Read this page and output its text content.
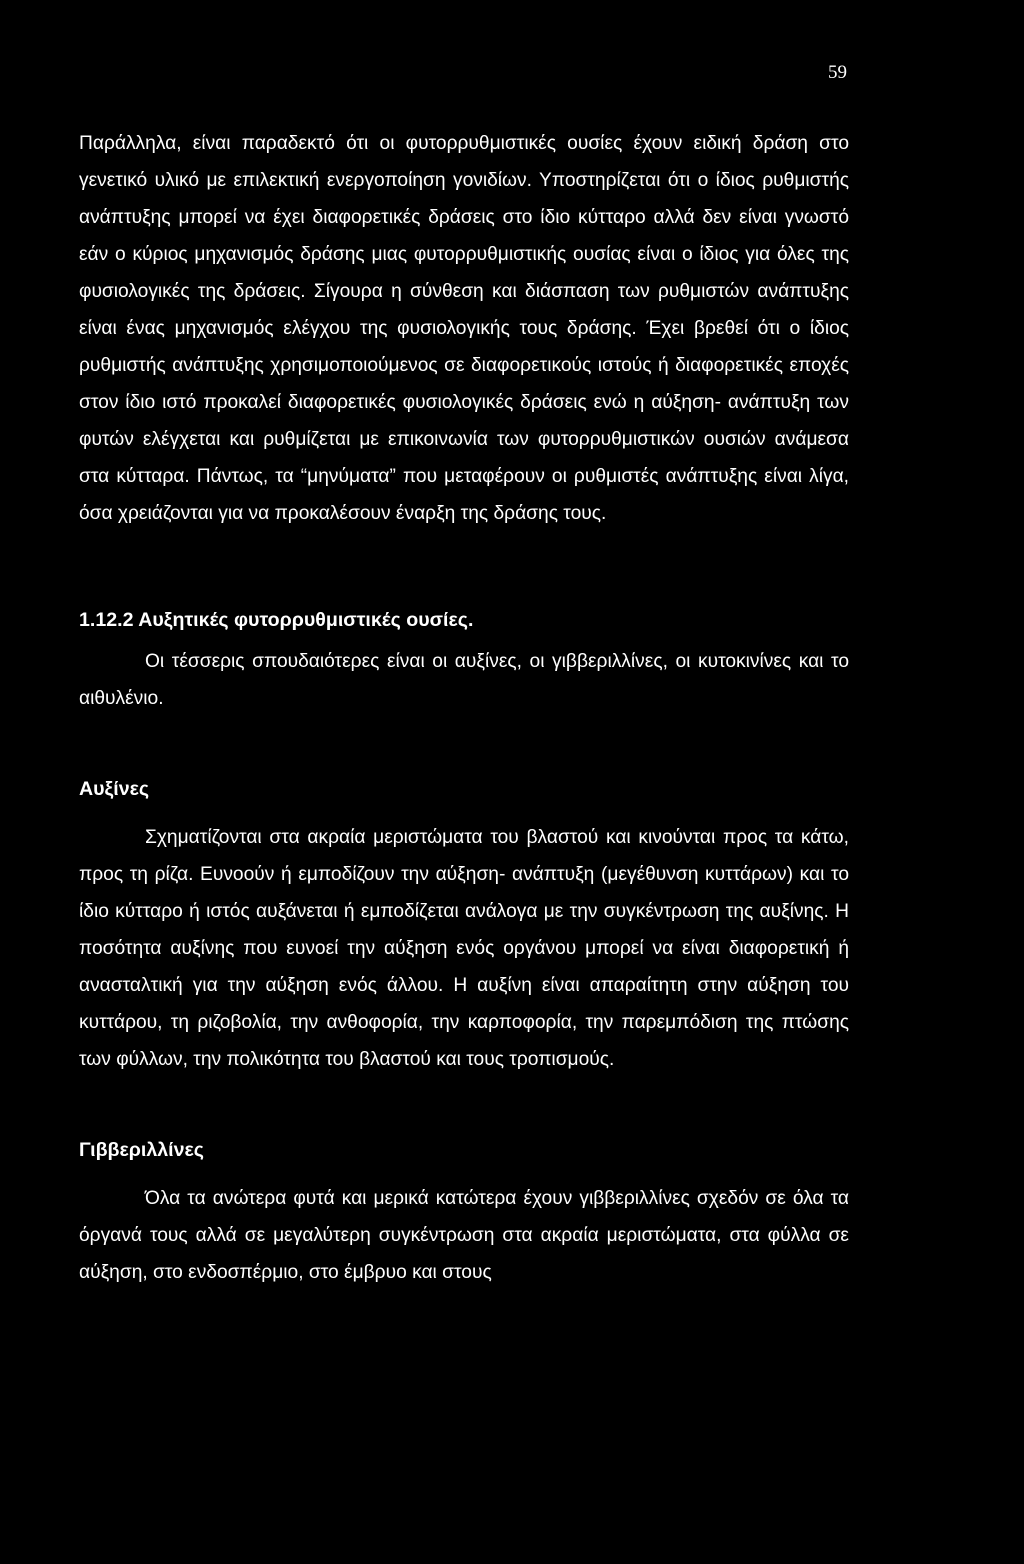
59

Παράλληλα, είναι παραδεκτό ότι οι φυτορρυθμιστικές ουσίες έχουν ειδική δράση στο γενετικό υλικό με επιλεκτική ενεργοποίηση γονιδίων. Υποστηρίζεται ότι ο ίδιος ρυθμιστής ανάπτυξης μπορεί να έχει διαφορετικές δράσεις στο ίδιο κύτταρο αλλά δεν είναι γνωστό εάν ο κύριος μηχανισμός δράσης μιας φυτορρυθμιστικής ουσίας είναι ο ίδιος για όλες της φυσιολογικές της δράσεις. Σίγουρα η σύνθεση και διάσπαση των ρυθμιστών ανάπτυξης είναι ένας μηχανισμός ελέγχου της φυσιολογικής τους δράσης. Έχει βρεθεί ότι ο ίδιος ρυθμιστής ανάπτυξης χρησιμοποιούμενος σε διαφορετικούς ιστούς ή διαφορετικές εποχές στον ίδιο ιστό προκαλεί διαφορετικές φυσιολογικές δράσεις ενώ η αύξηση- ανάπτυξη των φυτών ελέγχεται και ρυθμίζεται με επικοινωνία των φυτορρυθμιστικών ουσιών ανάμεσα στα κύτταρα. Πάντως, τα “μηνύματα” που μεταφέρουν οι ρυθμιστές ανάπτυξης είναι λίγα, όσα χρειάζονται για να προκαλέσουν έναρξη της δράσης τους.

1.12.2 Αυξητικές φυτορρυθμιστικές ουσίες.

Οι τέσσερις σπουδαιότερες είναι οι αυξίνες, οι γιββεριλλίνες, οι κυτοκινίνες και το αιθυλένιο.

Αυξίνες

Σχηματίζονται στα ακραία μεριστώματα του βλαστού και κινούνται προς τα κάτω, προς τη ρίζα. Ευνοούν ή εμποδίζουν την αύξηση- ανάπτυξη (μεγέθυνση κυττάρων) και το ίδιο κύτταρο ή ιστός αυξάνεται ή εμποδίζεται ανάλογα με την συγκέντρωση της αυξίνης. Η ποσότητα αυξίνης που ευνοεί την αύξηση ενός οργάνου μπορεί να είναι διαφορετική ή ανασταλτική για την αύξηση ενός άλλου. Η αυξίνη είναι απαραίτητη στην αύξηση του κυττάρου, τη ριζοβολία, την ανθοφορία, την καρποφορία, την παρεμπόδιση της πτώσης των φύλλων, την πολικότητα του βλαστού και τους τροπισμούς.

Γιββεριλλίνες

Όλα τα ανώτερα φυτά και μερικά κατώτερα έχουν γιββεριλλίνες σχεδόν σε όλα τα όργανά τους αλλά σε μεγαλύτερη συγκέντρωση στα ακραία μεριστώματα, στα φύλλα σε αύξηση, στο ενδοσπέρμιο, στο έμβρυο και στους
